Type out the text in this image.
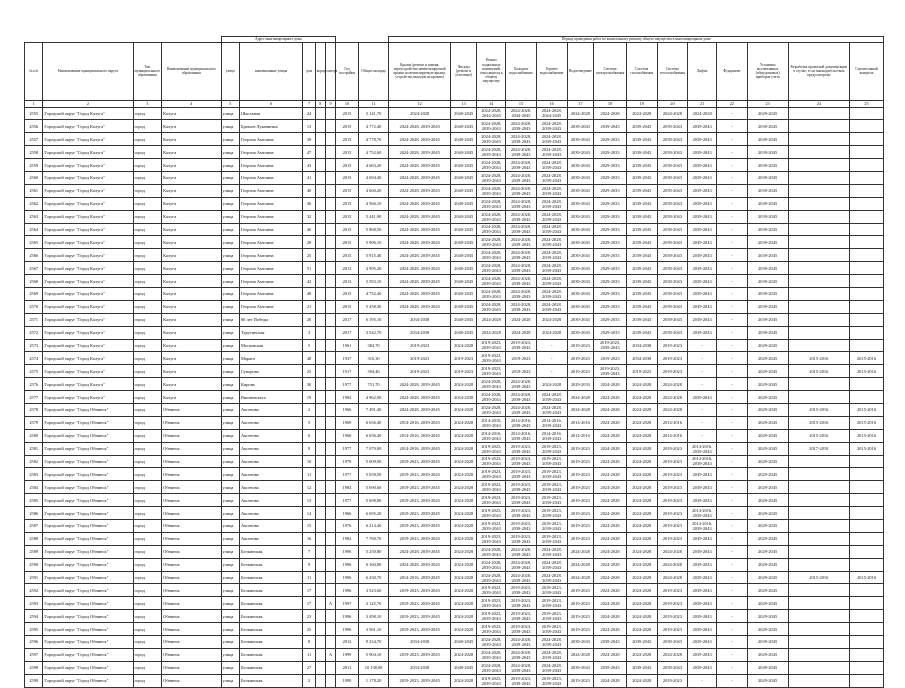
				Адрес многоквартирного дома							Период проведения работ по капитальному ремонту общего имущества в многоквартирном доме													
№ п/п	Наименование муниципального округа	Тип муниципального образования	Наименование муниципального образования	улица	наименование улицы	дом	корпус	литера	Год постройки	Общая площадь	Крыша (ремонт и замена, переустройство невентилируемой крыши на вентилируемую крышу, устройство выходов на кровлю)	Фасады (ремонт и утепление)	Ремонт подвальных помещений, относящихся к общему имуществу	Холодное водоснабжение	Горячее водоснабжение	Водоотведение	Система электроснабжения	Система газоснабжения	Система теплоснабжения	Лифты	Фундамент	Установка коллективных (общедомовых) приборов учета	Разработка проектной документации в случае, если законодательством предусмотрено	Строительный контроль
1	2	3	4	5	6	7	8	9	10	11	12	13	14	15	16	17	18	19	20	21	22	23	24	25
2555	Городской округ "Город Калуга"	город	Калуга	улица	Школьная	24			2015	5 141,70	2024-2028	2040-2045	2024-2028, 2044-2045	2024-2028, 2044-2045	2024-2028, 2044-2045	2024-2028	2024-2028	2024-2028	2024-2028	2024-2028	-	2029-2045		
2556	Городской округ "Город Калуга"	город	Калуга	улица	Братьев Луканиных	13			2015	4 772,40	2024-2028, 2039-2045	2040-2045	2024-2028, 2039-2043	2024-2028, 2039-2043	2024-2028, 2039-2043	2039-2043	2039-2043	2039-2043	2039-2043	2039-2043	-	2039-2045		
2557	Городской округ "Город Калуга"	город	Калуга	улица	Георгия Амелина	39			2015	4 778,70	2024-2028, 2039-2045	2040-2045	2024-2028, 2039-2043	2024-2028, 2039-2043	2024-2028, 2039-2043	2039-2043	2029-2033	2039-2043	2039-2043	2039-2043	-	2039-2045		
2558	Городской округ "Город Калуга"	город	Калуга	улица	Георгия Амелина	47			2015	4 752,60	2024-2028, 2039-2045	2040-2045	2024-2028, 2039-2043	2024-2028, 2039-2043	2024-2028, 2039-2043	2039-2043	2029-2033	2039-2043	2039-2043	2039-2043	-	2039-2045		
2559	Городской округ "Город Калуга"	город	Калуга	улица	Георгия Амелина	43			2015	4 663,20	2024-2028, 2039-2045	2040-2045	2024-2028, 2039-2043	2024-2028, 2039-2043	2024-2028, 2039-2043	2039-2043	2029-2033	2039-2043	2039-2043	2039-2043	-	2039-2045		
2560	Городской округ "Город Калуга"	город	Калуга	улица	Георгия Амелина	41			2015	4 694,40	2024-2028, 2039-2045	2040-2045	2024-2028, 2039-2043	2024-2028, 2039-2043	2024-2028, 2039-2043	2039-2043	2029-2033	2039-2043	2039-2043	2039-2043	-	2039-2045		
2561	Городской округ "Город Калуга"	город	Калуга	улица	Георгия Амелина	40			2015	4 660,20	2024-2028, 2039-2045	2040-2045	2024-2028, 2039-2043	2024-2028, 2039-2043	2024-2028, 2039-2043	2039-2043	2029-2033	2039-2043	2039-2043	2039-2043	-	2039-2045		
2562	Городской округ "Город Калуга"	город	Калуга	улица	Георгия Амелина	36			2015	4 566,10	2024-2028, 2039-2045	2040-2045	2024-2028, 2039-2043	2024-2028, 2039-2043	2024-2028, 2039-2043	2039-2043	2029-2033	2039-2043	2039-2043	2039-2043	-	2039-2045		
2563	Городской округ "Город Калуга"	город	Калуга	улица	Георгия Амелина	32			2015	5 441,90	2024-2028, 2039-2045	2040-2045	2024-2028, 2039-2043	2024-2028, 2039-2043	2024-2028, 2039-2043	2039-2043	2029-2033	2039-2043	2039-2043	2039-2043	-	2039-2045		
2564	Городской округ "Город Калуга"	город	Калуга	улица	Георгия Амелина	46			2015	5 868,50	2024-2028, 2039-2045	2040-2045	2024-2028, 2039-2043	2024-2028, 2039-2043	2024-2028, 2039-2043	2039-2043	2029-2033	2039-2043	2039-2043	2039-2043	-	2039-2045		
2565	Городской округ "Город Калуга"	город	Калуга	улица	Георгия Амелина	28			2015	5 906,10	2024-2028, 2039-2045	2040-2045	2024-2028, 2039-2043	2024-2028, 2039-2043	2024-2028, 2039-2043	2039-2043	2029-2033	2039-2043	2039-2043	2039-2043	-	2039-2045		
2566	Городской округ "Город Калуга"	город	Калуга	улица	Георгия Амелина	25			2015	5 915,40	2024-2028, 2039-2045	2040-2045	2024-2028, 2039-2043	2024-2028, 2039-2043	2024-2028, 2039-2043	2039-2043	2029-2033	2039-2043	2039-2043	2039-2043	-	2039-2045		
2567	Городской округ "Город Калуга"	город	Калуга	улица	Георгия Амелина	51			2013	4 995,20	2024-2028, 2039-2045	2040-2045	2024-2028, 2039-2043	2024-2028, 2039-2043	2024-2028, 2039-2043	2039-2043	2029-2033	2039-2043	2039-2043	2039-2043	-	2039-2045		
2568	Городской округ "Город Калуга"	город	Калуга	улица	Георгия Амелина	42			2013	5 593,10	2024-2028, 2039-2045	2040-2045	2024-2028, 2039-2043	2024-2028, 2039-2043	2024-2028, 2039-2043	2039-2043	2029-2033	2039-2043	2039-2043	2039-2043	-	2039-2045		
2569	Городской округ "Город Калуга"	город	Калуга	улица	Георгия Амелина	48			2015	4 752,40	2024-2028, 2039-2045	2040-2045	2024-2028, 2039-2043	2024-2028, 2039-2043	2024-2028, 2039-2043	2039-2043	2029-2033	2039-2043	2039-2043	2039-2043	-	2039-2045		
2570	Городской округ "Город Калуга"	город	Калуга	улица	Георгия Амелина	21			2015	5 458,30	2024-2028, 2039-2045	2040-2045	2024-2028, 2039-2043	2024-2028, 2039-2043	2024-2028, 2039-2043	2039-2043	2029-2033	2039-2043	2039-2043	2039-2043	-	2039-2045		
2571	Городской округ "Город Калуга"	город	Калуга	улица	60 лет Победы	20			2017	6 195,10	2034-2038	2040-2045	2024-2028	2024-2028	2024-2028	2039-2043	2029-2033	2039-2043	2039-2043	2039-2043	-	2039-2045		
2572	Городской округ "Город Калуга"	город	Калуга	улица	Тарутинская	3			2017	3 542,70	2034-2038	2040-2045	2024-2028	2024-2028	2024-2028	2039-2043	2029-2033	2039-2043	2039-2043	2039-2043	-	2039-2045		
2573	Городской округ "Город Калуга"	город	Калуга	улица	Московская	5			1961	384,70	2019-2023	2024-2028	2019-2023, 2039-2043	2019-2023, 2039-2043	-	2019-2023	2019-2023, 2039-2043	2034-2038	2019-2023	-	-	2029-2045		
2574	Городской округ "Город Калуга"	город	Калуга	улица	Марата	48			1937	316,30	2019-2023	2019-2023	2019-2023, 2039-2043	2019-2023	-	2019-2023	2019-2023	2034-2038	2019-2023	-	-	2029-2045	2015-2016	2015-2016
2575	Городской округ "Город Калуга"	город	Калуга	улица	Суворова	25			1917	394,40	2019-2023	2019-2023	2019-2023, 2039-2043	2019-2023	-	2019-2023	2019-2023, 2039-2043	2019-2023	2019-2023	-	-	2029-2045	2015-2016	2015-2016
2576	Городской округ "Город Калуга"	город	Калуга	улица	Кирова	30			1977	751,70	2024-2028, 2039-2045	2024-2028	2024-2028, 2039-2043	2024-2028, 2039-2043	2024-2028	2029-2033	2024-2028	2024-2028	2024-2028	-	-	2029-2045		
2577	Городской округ "Город Калуга"	город	Калуга	улица	Вишневского	19			1982	4 962,00	2024-2028, 2039-2045	2034-2038	2024-2028, 2039-2043	2024-2028, 2039-2043	2024-2028, 2039-2043	2024-2028	2024-2028	2024-2028	2024-2028	2039-2043	-	2029-2045		
2578	Городской округ "Город Обнинск"	город	Обнинск	улица	Аксенова	2			1966	7 491,40	2024-2028, 2039-2045	2024-2028	2024-2028, 2039-2043	2024-2028, 2039-2043	2024-2028, 2039-2043	2024-2028	2024-2028	2024-2028	2024-2028	-	-	2029-2045	2015-2016	2015-2016
2579	Городской округ "Город Обнинск"	город	Обнинск	улица	Аксенова	5			1969	6 656,40	2014-2016, 2039-2045	2024-2028	2014-2016, 2039-2043	2014-2016, 2039-2043	2014-2016, 2039-2043	2014-2016	2024-2028	2024-2028	2014-2016	-	-	2029-2045	2015-2016	2015-2016
2580	Городской округ "Город Обнинск"	город	Обнинск	улица	Аксенова	6			1966	6 656,40	2014-2016, 2039-2045	2024-2028	2014-2016, 2039-2043	2014-2016, 2039-2043	2014-2016, 2039-2043	2014-2016	2024-2028	2024-2028	2014-2016	-	-	2029-2045	2015-2016	2015-2016
2581	Городской округ "Город Обнинск"	город	Обнинск	улица	Аксенова	9			1977	7 079,80	2014-2016, 2039-2045	2024-2028	2019-2023, 2039-2043	2019-2023, 2039-2043	2019-2023, 2039-2043	2019-2023	2024-2028	2024-2028	2019-2023	2014-2016, 2039-2043	-	2029-2045	2017-2018	2015-2016
2582	Городской округ "Город Обнинск"	город	Обнинск	улица	Аксенова	10			1979	5 609,00	2019-2023, 2039-2045	2024-2028	2019-2023, 2039-2043	2019-2023, 2039-2043	2019-2023, 2039-2043	2019-2023	2024-2028	2024-2028	2019-2023	2014-2016, 2039-2043	-	2029-2045		
2583	Городской округ "Город Обнинск"	город	Обнинск	улица	Аксенова	11			1977	5 658,50	2019-2023, 2039-2045	2024-2028	2019-2023, 2039-2043	2019-2023, 2039-2043	2019-2023, 2039-2043	2019-2023	2024-2028	2024-2028	2019-2023	2039-2043	-	2029-2045		
2584	Городской округ "Город Обнинск"	город	Обнинск	улица	Аксенова	12			1984	5 690,60	2019-2023, 2039-2045	2024-2028	2019-2023, 2039-2043	2019-2023, 2039-2043	2019-2023, 2039-2043	2019-2023	2024-2028	2024-2028	2019-2023	2039-2043	-	2029-2045		
2585	Городской округ "Город Обнинск"	город	Обнинск	улица	Аксенова	13			1977	5 698,80	2019-2023, 2039-2045	2024-2028	2019-2023, 2039-2043	2019-2023, 2039-2043	2019-2023, 2039-2043	2019-2023	2024-2028	2024-2028	2019-2023	2039-2043	-	2029-2045		
2586	Городской округ "Город Обнинск"	город	Обнинск	улица	Аксенова	14			1966	6 695,20	2019-2023, 2039-2045	2024-2028	2019-2023, 2039-2043	2019-2023, 2039-2043	2019-2023, 2039-2043	2019-2023	2024-2028	2024-2028	2019-2023	2014-2016, 2039-2043	-	2029-2045		
2587	Городской округ "Город Обнинск"	город	Обнинск	улица	Аксенова	15			1976	6 214,40	2019-2023, 2039-2045	2024-2028	2019-2023, 2039-2043	2019-2023, 2039-2043	2019-2023, 2039-2043	2019-2023	2024-2028	2024-2028	2019-2023	2014-2016, 2039-2043	-	2029-2045		
2588	Городской округ "Город Обнинск"	город	Обнинск	улица	Аксенова	16			1982	7 760,70	2019-2023, 2039-2045	2024-2028	2019-2023, 2039-2043	2019-2023, 2039-2043	2019-2023, 2039-2043	2019-2023	2024-2028	2024-2028	2019-2023	2039-2043	-	2029-2045		
2589	Городской округ "Город Обнинск"	город	Обнинск	улица	Белкинская	7			1996	5 250,80	2024-2028, 2039-2045	2024-2028	2024-2028, 2039-2043	2024-2028, 2039-2043	2024-2028, 2039-2043	2024-2028	2024-2028	2024-2028	2024-2028	2039-2043	-	2029-2045		
2590	Городской округ "Город Обнинск"	город	Обнинск	улица	Белкинская	9			1996	6 160,80	2024-2028, 2039-2045	2024-2028	2024-2028, 2039-2043	2024-2028, 2039-2043	2024-2028, 2039-2043	2024-2028	2024-2028	2024-2028	2024-2028	2039-2043	-	2029-2045		
2591	Городской округ "Город Обнинск"	город	Обнинск	улица	Белкинская	11			1996	6 430,70	2014-2016, 2039-2045	2024-2028	2024-2028, 2039-2043	2024-2028, 2039-2043	2024-2028, 2039-2043	2024-2028	2024-2028	2024-2028	2024-2028	2039-2043	-	2029-2045	2015-2016	2015-2016
2592	Городской округ "Город Обнинск"	город	Обнинск	улица	Белкинская	17			1996	3 523,60	2019-2023, 2039-2045	2024-2028	2019-2023, 2039-2043	2019-2023, 2039-2043	2019-2023, 2039-2043	2019-2023	2024-2028	2024-2028	2019-2023	2039-2043	-	2029-2045		
2593	Городской округ "Город Обнинск"	город	Обнинск	улица	Белкинская	17		А	1997	3 125,70	2019-2023, 2039-2045	2024-2028	2019-2023, 2039-2043	2019-2023, 2039-2043	2019-2023, 2039-2043	2019-2023	2024-2028	2024-2028	2019-2023	2039-2043	-	2029-2045		
2594	Городской округ "Город Обнинск"	город	Обнинск	улица	Белкинская	23			1996	3 498,10	2019-2023, 2039-2045	2024-2028	2019-2023, 2039-2043	2019-2023, 2039-2043	2019-2023, 2039-2043	2019-2023	2024-2028	2024-2028	2019-2023	2039-2043	-	2029-2045		
2595	Городской округ "Город Обнинск"	город	Обнинск	улица	Белкинская	25			1996	3 561,10	2019-2023, 2039-2045	2024-2028	2019-2023, 2039-2043	2019-2023, 2039-2043	2019-2023, 2039-2043	2019-2023	2024-2028	2024-2028	2019-2023	2039-2043	-	2029-2045		
2596	Городской округ "Город Обнинск"	город	Обнинск	улица	Белкинская	8			2012	9 234,70	2034-2038	2040-2045	2024-2028, 2039-2043	2024-2028, 2039-2043	2024-2028, 2039-2043	2039-2043	2039-2043	2039-2043	2039-2043	2039-2043	-	2039-2045		
2597	Городской округ "Город Обнинск"	город	Обнинск	улица	Белкинская	11		А	1999	5 904,10	2019-2023, 2039-2045	2024-2028	2024-2028, 2039-2043	2024-2028, 2039-2043	2024-2028, 2039-2043	2024-2028	2024-2028	2024-2028	2024-2028	2039-2043	-	2029-2045		
2598	Городской округ "Город Обнинск"	город	Обнинск	улица	Белкинская	27			2011	10 138,00	2034-2038	2040-2045	2024-2028, 2039-2043	2024-2028, 2039-2043	2024-2028, 2039-2043	2039-2043	2039-2043	2039-2043	2039-2043	2039-2043	-	2039-2045		
2599	Городской округ "Город Обнинск"	город	Обнинск	улица	Белкинская	2			1990	1 178,20	2019-2023, 2039-2045	2024-2028	2019-2023, 2039-2043	2019-2023, 2039-2043	2019-2023, 2039-2043	2019-2023	2024-2028	2024-2028	2019-2023	-	-	2029-2045		
